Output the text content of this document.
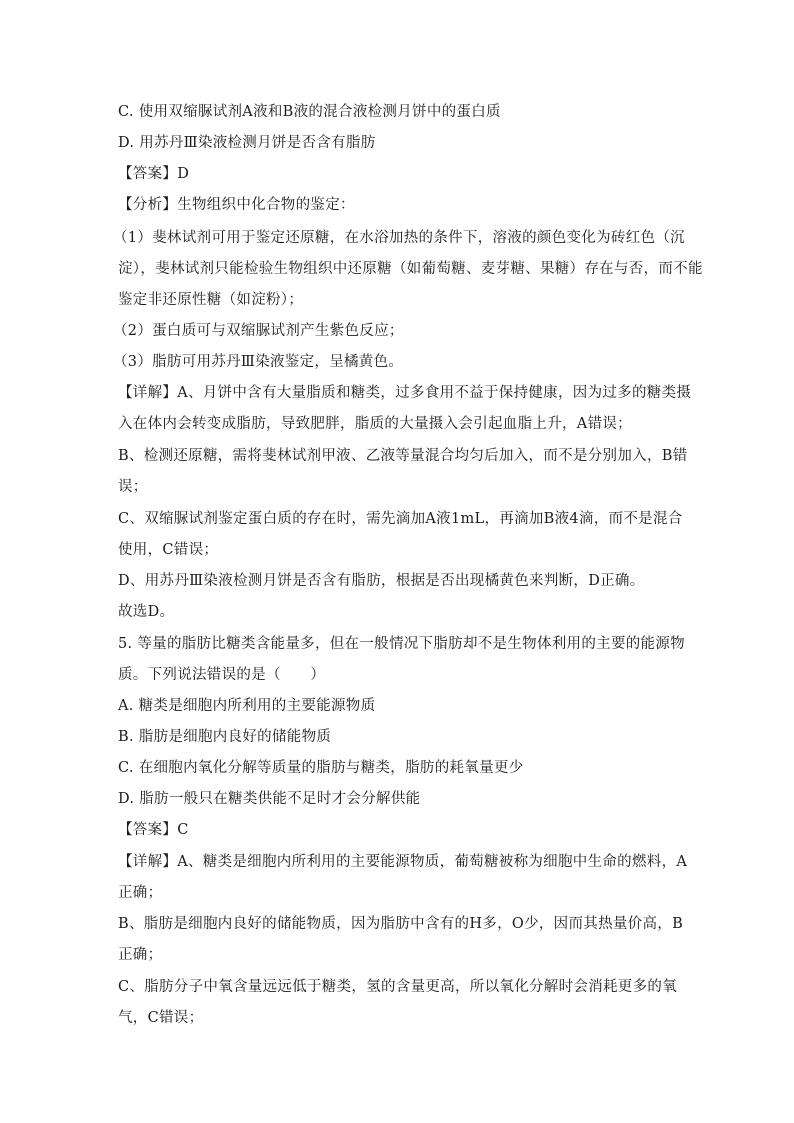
C. 使用双缩脲试剂A液和B液的混合液检测月饼中的蛋白质
D. 用苏丹Ⅲ染液检测月饼是否含有脂肪
【答案】D
【分析】生物组织中化合物的鉴定：
（1）斐林试剂可用于鉴定还原糖，在水浴加热的条件下，溶液的颜色变化为砖红色（沉
淀），斐林试剂只能检验生物组织中还原糖（如葡萄糖、麦芽糖、果糖）存在与否，而不能
鉴定非还原性糖（如淀粉）；
（2）蛋白质可与双缩脲试剂产生紫色反应；
（3）脂肪可用苏丹Ⅲ染液鉴定，呈橘黄色。
【详解】A、月饼中含有大量脂质和糖类，过多食用不益于保持健康，因为过多的糖类摄
入在体内会转变成脂肪，导致肥胖，脂质的大量摄入会引起血脂上升，A错误；
B、检测还原糖，需将斐林试剂甲液、乙液等量混合均匀后加入，而不是分别加入，B错
误；
C、双缩脲试剂鉴定蛋白质的存在时，需先滴加A液1mL，再滴加B液4滴，而不是混合
使用，C错误；
D、用苏丹Ⅲ染液检测月饼是否含有脂肪，根据是否出现橘黄色来判断，D正确。
故选D。
5. 等量的脂肪比糖类含能量多，但在一般情况下脂肪却不是生物体利用的主要的能源物
质。下列说法错误的是（　　）
A. 糖类是细胞内所利用的主要能源物质
B. 脂肪是细胞内良好的储能物质
C. 在细胞内氧化分解等质量的脂肪与糖类，脂肪的耗氧量更少
D. 脂肪一般只在糖类供能不足时才会分解供能
【答案】C
【详解】A、糖类是细胞内所利用的主要能源物质，葡萄糖被称为细胞中生命的燃料，A
正确；
B、脂肪是细胞内良好的储能物质，因为脂肪中含有的H多，O少，因而其热量价高，B
正确；
C、脂肪分子中氧含量远远低于糖类，氢的含量更高，所以氧化分解时会消耗更多的氧
气，C错误；
